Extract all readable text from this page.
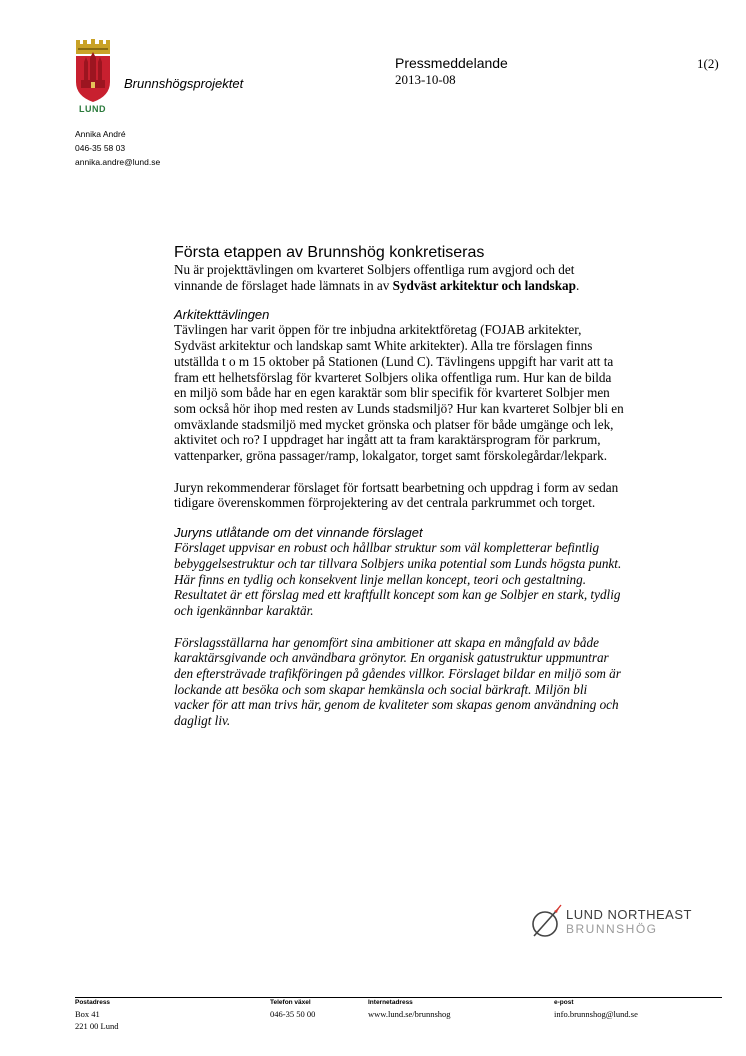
LUND
Brunnshögsprojektet
Pressmeddelande
2013-10-08
1(2)
Annika André
046-35 58 03
annika.andre@lund.se

Första etappen av Brunnshög konkretiseras

Nu är projekttävlingen om kvarteret Solbjers offentliga rum avgjord och det vinnande de förslaget hade lämnats in av Sydväst arkitektur och landskap.

Arkitekttävlingen

Tävlingen har varit öppen för tre inbjudna arkitektföretag (FOJAB arkitekter, Sydväst arkitektur och landskap samt White arkitekter). Alla tre förslagen finns utställda t o m 15 oktober på Stationen (Lund C). Tävlingens uppgift har varit att ta fram ett helhetsförslag för kvarteret Solbjers olika offentliga rum. Hur kan de bilda en miljö som både har en egen karaktär som blir specifik för kvarteret Solbjer men som också hör ihop med resten av Lunds stadsmiljö? Hur kan kvarteret Solbjer bli en omväxlande stadsmiljö med mycket grönska och platser för både umgänge och lek, aktivitet och ro? I uppdraget har ingått att ta fram karaktärsprogram för parkrum, vattenparker, gröna passager/ramp, lokalgator, torget samt förskolegårdar/lekpark.

Juryn rekommenderar förslaget för fortsatt bearbetning och uppdrag i form av sedan tidigare överenskommen förprojektering av det centrala parkrummet och torget.

Juryns utlåtande om det vinnande förslaget

Förslaget uppvisar en robust och hållbar struktur som väl kompletterar befintlig bebyggelsestruktur och tar tillvara Solbjers unika potential som Lunds högsta punkt. Här finns en tydlig och konsekvent linje mellan koncept, teori och gestaltning. Resultatet är ett förslag med ett kraftfullt koncept som kan ge Solbjer en stark, tydlig och igenkännbar karaktär.

Förslagsställarna har genomfört sina ambitioner att skapa en mångfald av både karaktärsgivande och användbara grönytor. En organisk gatustruktur uppmuntrar den eftersträvade trafikföringen på gåendes villkor. Förslaget bildar en miljö som är lockande att besöka och som skapar hemkänsla och social bärkraft. Miljön bli vacker för att man trivs här, genom de kvaliteter som skapas genom användning och dagligt liv.

LUND NORTHEAST
BRUNNSHÖG
Postadress
Box 41
221 00 Lund
Telefon växel
046-35 50 00
Internetadress
www.lund.se/brunnshog
e-post
info.brunnshog@lund.se
